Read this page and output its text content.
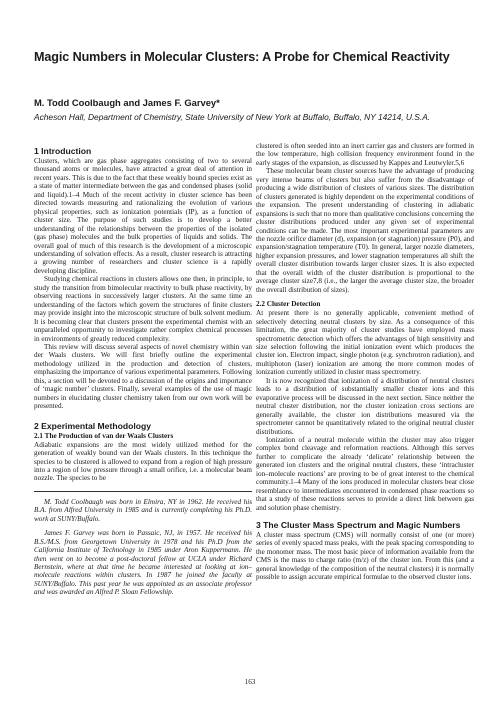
Magic Numbers in Molecular Clusters: A Probe for Chemical Reactivity
M. Todd Coolbaugh and James F. Garvey*
Acheson Hall, Department of Chemistry, State University of New York at Buffalo, Buffalo, NY 14214, U.S.A.
1 Introduction

Clusters, which are gas phase aggregates consisting of two to several thousand atoms or molecules, have attracted a great deal of attention in recent years. This is due to the fact that these weakly bound species exist as a state of matter intermediate between the gas and condensed phases (solid and liquid).1–4 Much of the recent activity in cluster science has been directed towards measuring and rationalizing the evolution of various physical properties, such as ionization potentials (IP), as a function of cluster size. The purpose of such studies is to develop a better understanding of the relationships between the properties of the isolated (gas phase) molecules and the bulk properties of liquids and solids. The overall goal of much of this research is the development of a microscopic understanding of solvation effects. As a result, cluster research is attracting a growing number of researchers and cluster science is a rapidly developing discipline.

Studying chemical reactions in clusters allows one then, in principle, to study the transition from bimolecular reactivity to bulk phase reactivity, by observing reactions in successively larger clusters. At the same time an understanding of the factors which govern the structures of finite clusters may provide insight into the microscopic structure of bulk solvent medium. It is becoming clear that clusters present the experimental chemist with an unparalleled opportunity to investigate rather complex chemical processes in environments of greatly reduced complexity.

This review will discuss several aspects of novel chemistry within van der Waals clusters. We will first briefly outline the experimental methodology utilized in the production and detection of clusters, emphasizing the importance of various experimental parameters. Following this, a section will be devoted to a discussion of the origins and importance of ‘magic number’ clusters. Finally, several examples of the use of magic numbers in elucidating cluster chemistry taken from our own work will be presented.

2 Experimental Methodology
2.1 The Production of van der Waals Clusters

Adiabatic expansions are the most widely utilized method for the generation of weakly bound van der Waals clusters. In this technique the species to be clustered is allowed to expand from a region of high pressure into a region of low pressure through a small orifice, i.e. a molecular beam nozzle. The species to be

M. Todd Coolbaugh was born in Elmira, NY in 1962. He received his B.A. from Alfred University in 1985 and is currently completing his Ph.D. work at SUNY/Buffalo.
James F. Garvey was born in Passaic, NJ, in 1957. He received his B.S./M.S. from Georgetown University in 1978 and his Ph.D from the California Institute of Technology in 1985 under Aron Kuppermann. He then went on to become a post-doctoral fellow at UCLA under Richard Bernstein, where at that time he became interested at looking at ion–molecule reactions within clusters. In 1987 he joined the faculty at SUNY/Buffalo. This past year he was appointed as an associate professor and was awarded an Alfred P. Sloan Fellowship.

clustered is often seeded into an inert carrier gas and clusters are formed in the low temperature, high collision frequency environment found in the early stages of the expansion, as discussed by Kappes and Leutwyler.5,6

These molecular beam cluster sources have the advantage of producing very intense beams of clusters but also suffer from the disadvantage of producing a wide distribution of clusters of various sizes. The distribution of clusters generated is highly dependent on the experimental conditions of the expansion. The present understanding of clustering in adiabatic expansions is such that no more than qualitative conclusions concerning the cluster distributions produced under any given set of experimental conditions can be made. The most important experimental parameters are the nozzle orifice diameter (d), expansion (or stagnation) pressure (P0), and expansion/stagnation temperature (T0). In general, larger nozzle diameters, higher expansion pressures, and lower stagnation temperatures all shift the overall cluster distribution towards larger cluster sizes. It is also expected that the overall width of the cluster distribution is proportional to the average cluster size7,8 (i.e., the larger the average cluster size, the broader the overall distribution of sizes).

2.2 Cluster Detection

At present there is no generally applicable, convenient method of selectively detecting neutral clusters by size. As a consequence of this limitation, the great majority of cluster studies have employed mass spectrometric detection which offers the advantages of high sensitivity and size selection following the initial ionization event which produces the cluster ion. Electron impact, single photon (e.g. synchrotron radiation), and multiphoton (laser) ionization are among the more common modes of ionization currently utilized in cluster mass spectrometry.

It is now recognized that ionization of a distribution of neutral clusters leads to a distribution of substantially smaller cluster ions and this evaporative process will be discussed in the next section. Since neither the neutral cluster distribution, nor the cluster ionization cross sections are generally available, the cluster ion distributions measured via the spectrometer cannot be quantitatively related to the original neutral cluster distributions.

Ionization of a neutral molecule within the cluster may also trigger complex bond cleavage and reformation reactions. Although this serves further to complicate the already ‘delicate’ relationship between the generated ion clusters and the original neutral clusters, these ‘intracluster ion–molecule reactions’ are proving to be of great interest to the chemical community.1–4 Many of the ions produced in molecular clusters bear close resemblance to intermediates encountered in condensed phase reactions so that a study of these reactions serves to provide a direct link between gas and solution phase chemistry.

3 The Cluster Mass Spectrum and Magic Numbers

A cluster mass spectrum (CMS) will normally consist of one (or more) series of evenly spaced mass peaks, with the peak spacing corresponding to the monomer mass. The most basic piece of information available from the CMS is the mass to charge ratio (m/z) of the cluster ion. From this (and a general knowledge of the composition of the neutral clusters) it is normally possible to assign accurate empirical formulae to the observed cluster ions.

163
